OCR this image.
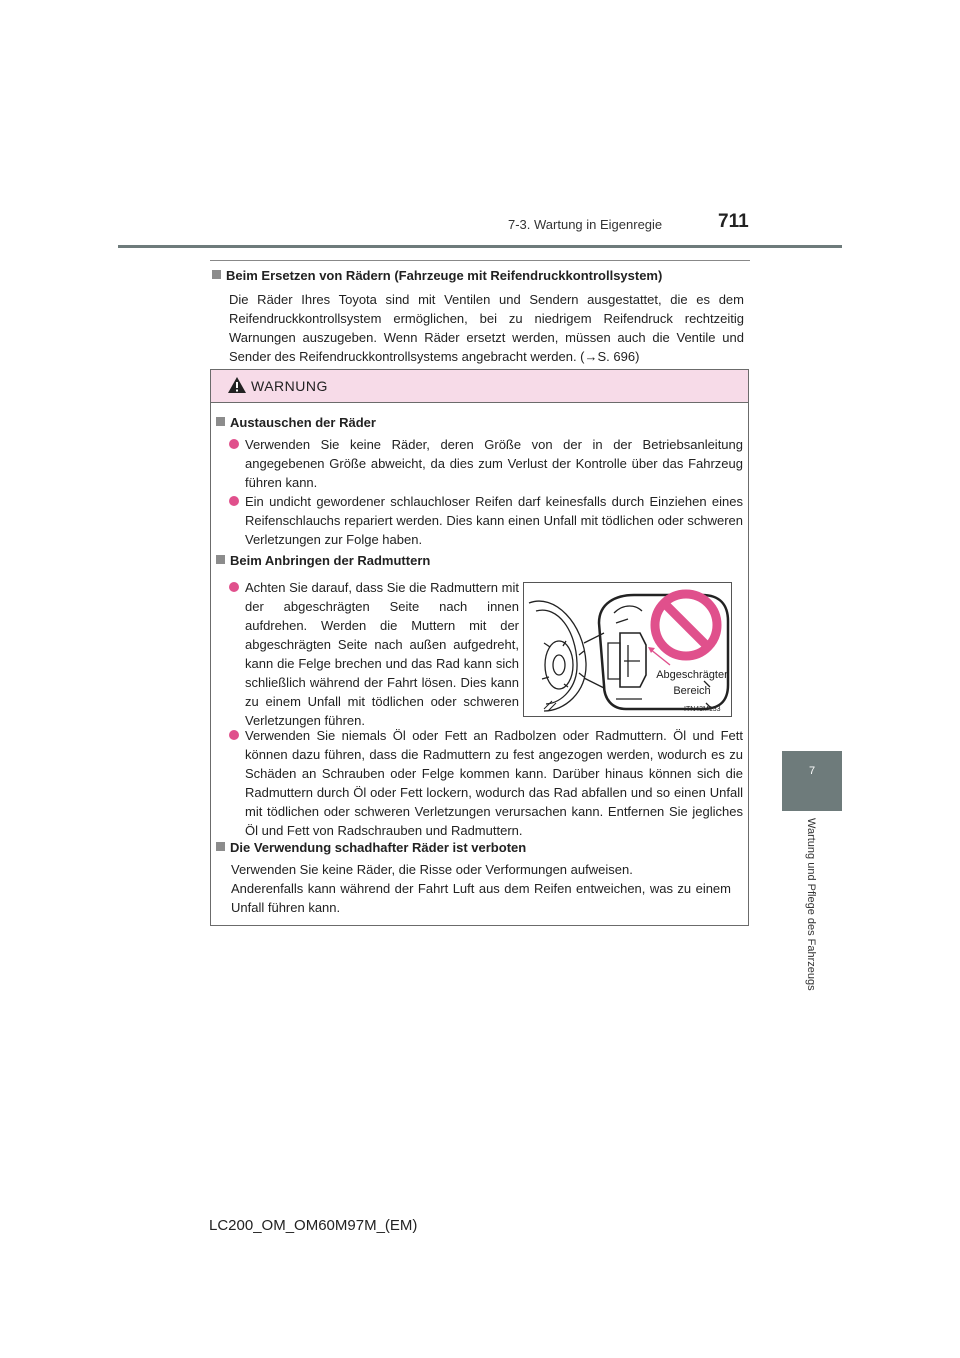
7-3. Wartung in Eigenregie	711
7
Wartung und Pflege des Fahrzeugs
Beim Ersetzen von Rädern (Fahrzeuge mit Reifendruckkontrollsystem)
Die Räder Ihres Toyota sind mit Ventilen und Sendern ausgestattet, die es dem Reifendruckkontrollsystem ermöglichen, bei zu niedrigem Reifendruck rechtzeitig Warnungen auszugeben. Wenn Räder ersetzt werden, müssen auch die Ventile und Sender des Reifendruckkontrollsystems angebracht werden. (→S. 696)
WARNUNG
Austauschen der Räder
Verwenden Sie keine Räder, deren Größe von der in der Betriebsanleitung angegebenen Größe abweicht, da dies zum Verlust der Kontrolle über das Fahrzeug führen kann.
Ein undicht gewordener schlauchloser Reifen darf keinesfalls durch Einziehen eines Reifenschlauchs repariert werden. Dies kann einen Unfall mit tödlichen oder schweren Verletzungen zur Folge haben.
Beim Anbringen der Radmuttern
Achten Sie darauf, dass Sie die Radmuttern mit der abgeschrägten Seite nach innen aufdrehen. Werden die Muttern mit der abgeschrägten Seite nach außen aufgedreht, kann die Felge brechen und das Rad kann sich schließlich während der Fahrt lösen. Dies kann zu einem Unfall mit tödlichen oder schweren Verletzungen führen.
Abgeschrägter Bereich
ITN43M133
Verwenden Sie niemals Öl oder Fett an Radbolzen oder Radmuttern. Öl und Fett können dazu führen, dass die Radmuttern zu fest angezogen werden, wodurch es zu Schäden an Schrauben oder Felge kommen kann. Darüber hinaus können sich die Radmuttern durch Öl oder Fett lockern, wodurch das Rad abfallen und so einen Unfall mit tödlichen oder schweren Verletzungen verursachen kann. Entfernen Sie jegliches Öl und Fett von Radschrauben und Radmuttern.
Die Verwendung schadhafter Räder ist verboten
Verwenden Sie keine Räder, die Risse oder Verformungen aufweisen.
Anderenfalls kann während der Fahrt Luft aus dem Reifen entweichen, was zu einem Unfall führen kann.
LC200_OM_OM60M97M_(EM)
